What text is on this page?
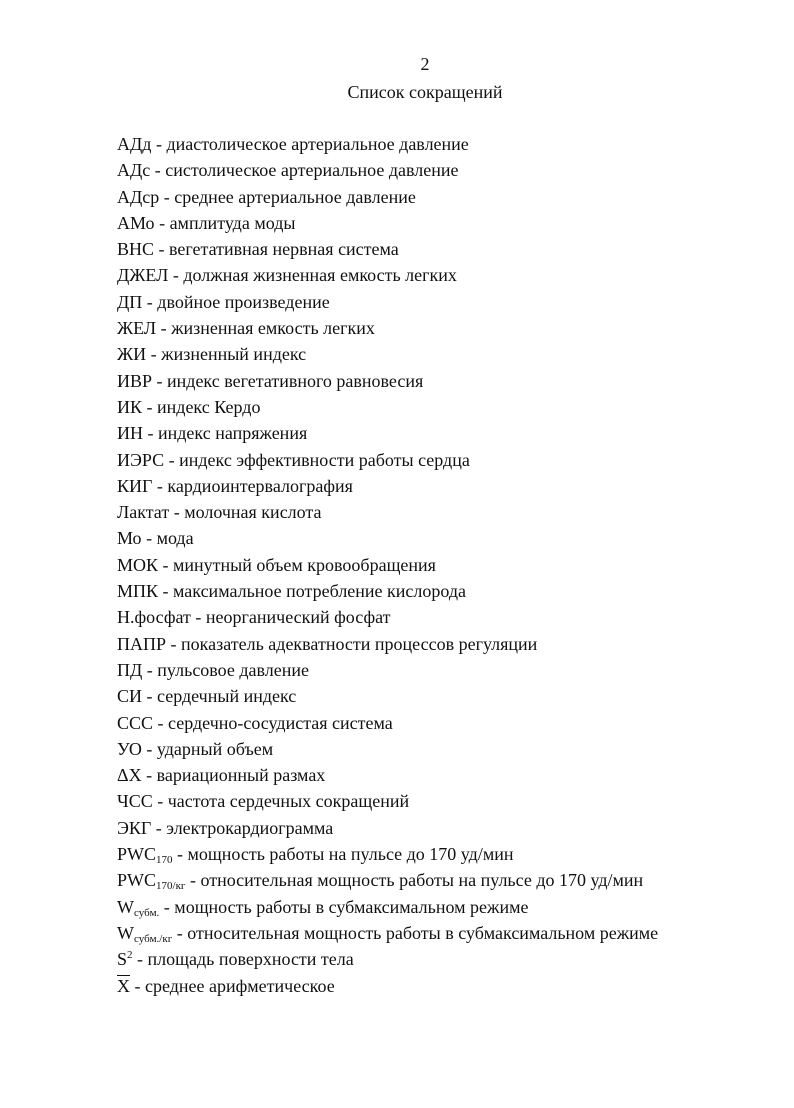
2
Список сокращений
АДд - диастолическое артериальное давление
АДс - систолическое артериальное давление
АДср - среднее артериальное давление
АМо - амплитуда моды
ВНС - вегетативная нервная система
ДЖЕЛ - должная жизненная емкость легких
ДП - двойное произведение
ЖЕЛ - жизненная емкость легких
ЖИ - жизненный индекс
ИВР - индекс вегетативного равновесия
ИК - индекс Кердо
ИН - индекс напряжения
ИЭРС - индекс эффективности работы сердца
КИГ - кардиоинтервалография
Лактат - молочная кислота
Мо - мода
МОК - минутный объем кровообращения
МПК - максимальное потребление кислорода
Н.фосфат - неорганический фосфат
ПАПР - показатель адекватности процессов регуляции
ПД - пульсовое давление
СИ - сердечный индекс
ССС - сердечно-сосудистая система
УО - ударный объем
ΔХ - вариационный размах
ЧСС - частота сердечных сокращений
ЭКГ - электрокардиограмма
$PWC_{170}$ - мощность работы на пульсе до 170 уд/мин
$PWC_{170/кг}$ - относительная мощность работы на пульсе до 170 уд/мин
$W_{субм.}$ - мощность работы в субмаксимальном режиме
$W_{субм./кг}$ - относительная мощность работы в субмаксимальном режиме
$S^2$ - площадь поверхности тела
Х - среднее арифметическое
